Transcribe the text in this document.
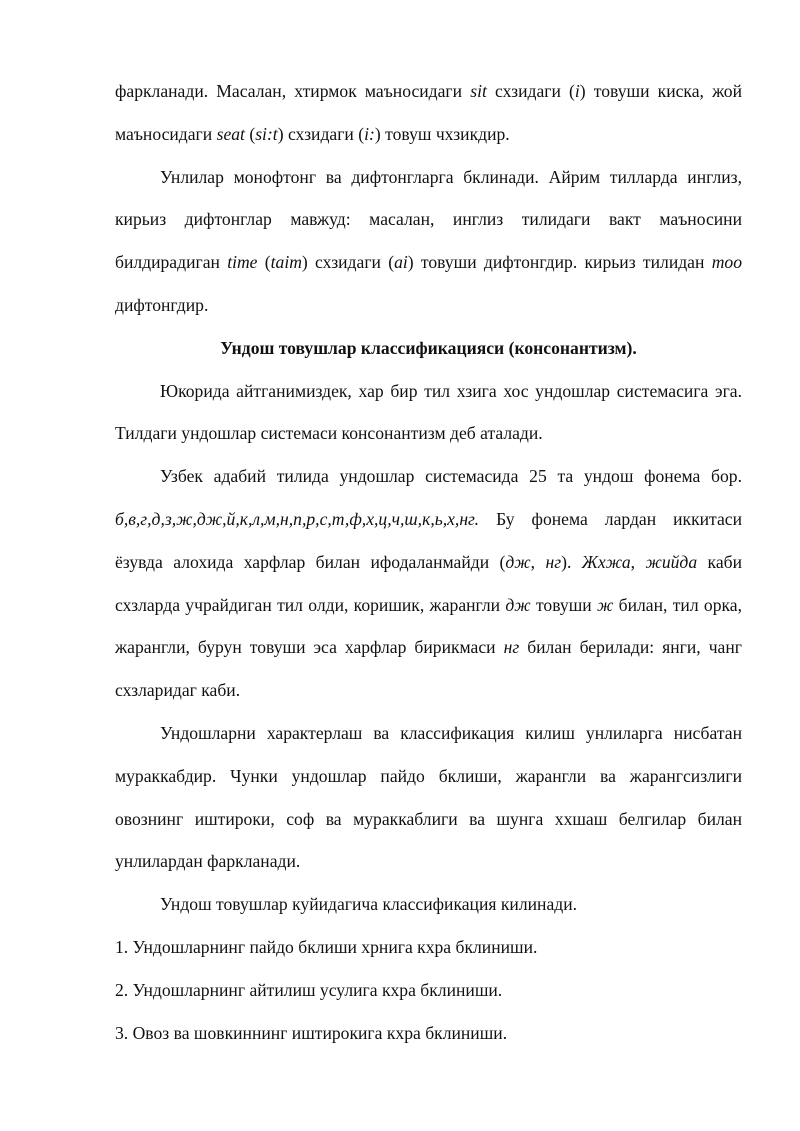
фаркланади. Масалан, хтирмок маъносидаги sit схзидаги (i) товуши киска, жой маъносидаги seat (si:t) схзидаги (i:) товуш чхзикдир.

Унлилар монофтонг ва дифтонгларга бклинади. Айрим тилларда инглиз, кирьиз дифтонглар мавжуд: масалан, инглиз тилидаги вакт маъносини билдирадиган time (taim) схзидаги (ai) товуши дифтонгдир. кирьиз тилидан тoo дифтонгдир.

Ундош товушлар классификацияси (консонантизм).

Юкорида айтганимиздек, хар бир тил хзига хос ундошлар системасига эга. Тилдаги ундошлар системаси консонантизм деб аталади.

Узбек адабий тилида ундошлар системасида 25 та ундош фонема бор. б,в,г,д,з,ж,дж,й,к,л,м,н,п,р,с,т,ф,х,ц,ч,ш,к,ь,х,нг. Бу фонема лардан иккитаси ёзувда алохида харфлар билан ифодаланмайди (дж, нг). Жхжа, жийда каби схзларда учрайдиган тил олди, коришик, жарангли дж товуши ж билан, тил орка, жарангли, бурун товуши эса харфлар бирикмаси нг билан берилади: янги, чанг схзларидаг каби.

Ундошларни характерлаш ва классификация килиш унлиларга нисбатан мураккабдир. Чунки ундошлар пайдо бклиши, жарангли ва жарангсизлиги овознинг иштироки, соф ва мураккаблиги ва шунга ххшаш белгилар билан унлилардан фаркланади.

Ундош товушлар куйидагича классификация килинади.

1. Ундошларнинг пайдо бклиши хрнига кхра бклиниши.

2. Ундошларнинг айтилиш усулига кхра бклиниши.

3. Овоз ва шовкиннинг иштирокига кхра бклиниши.
